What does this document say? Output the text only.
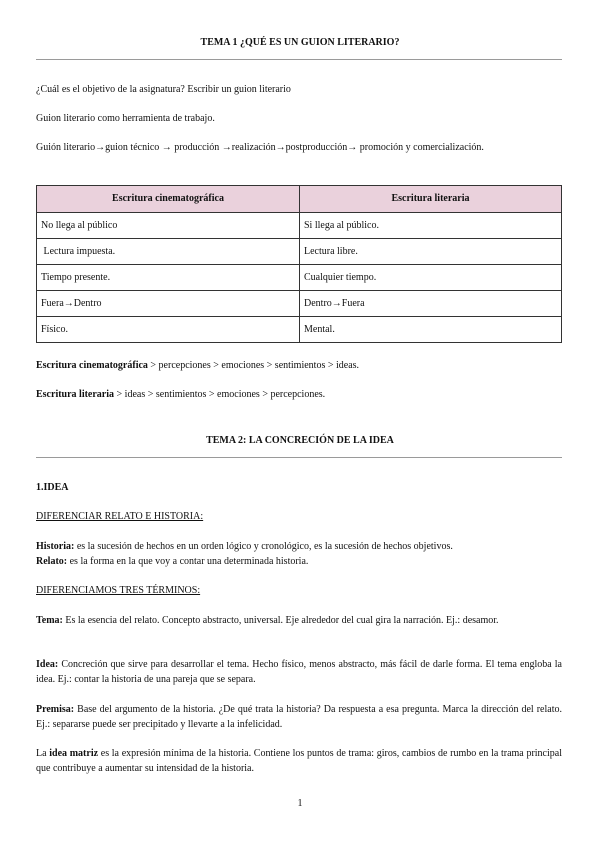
TEMA 1 ¿QUÉ ES UN GUION LITERARIO?
¿Cuál es el objetivo de la asignatura? Escribir un guion literario
Guion literario como herramienta de trabajo.
Guión literario→guion técnico → producción →realización→postproducción→ promoción y comercialización.
Escritura cinematográfica	Escritura literaria
No llega al público	Si llega al público.
Lectura impuesta.	Lectura libre.
Tiempo presente.	Cualquier tiempo.
Fuera→Dentro	Dentro→Fuera
Físico.	Mental.
Escritura cinematográfica > percepciones > emociones > sentimientos > ideas.
Escritura literaria > ideas > sentimientos > emociones > percepciones.
TEMA 2: LA CONCRECIÓN DE LA IDEA
1.IDEA
DIFERENCIAR RELATO E HISTORIA:
Historia: es la sucesión de hechos en un orden lógico y cronológico, es la sucesión de hechos objetivos.
Relato: es la forma en la que voy a contar una determinada historia.
DIFERENCIAMOS TRES TÉRMINOS:
Tema: Es la esencia del relato. Concepto abstracto, universal. Eje alrededor del cual gira la narración. Ej.: desamor.
Idea: Concreción que sirve para desarrollar el tema. Hecho físico, menos abstracto, más fácil de darle forma. El tema engloba la idea. Ej.: contar la historia de una pareja que se separa.
Premisa: Base del argumento de la historia. ¿De qué trata la historia? Da respuesta a esa pregunta. Marca la dirección del relato. Ej.: separarse puede ser precipitado y llevarte a la infelicidad.
La idea matriz es la expresión mínima de la historia. Contiene los puntos de trama: giros, cambios de rumbo en la trama principal que contribuye a aumentar su intensidad de la historia.
1
